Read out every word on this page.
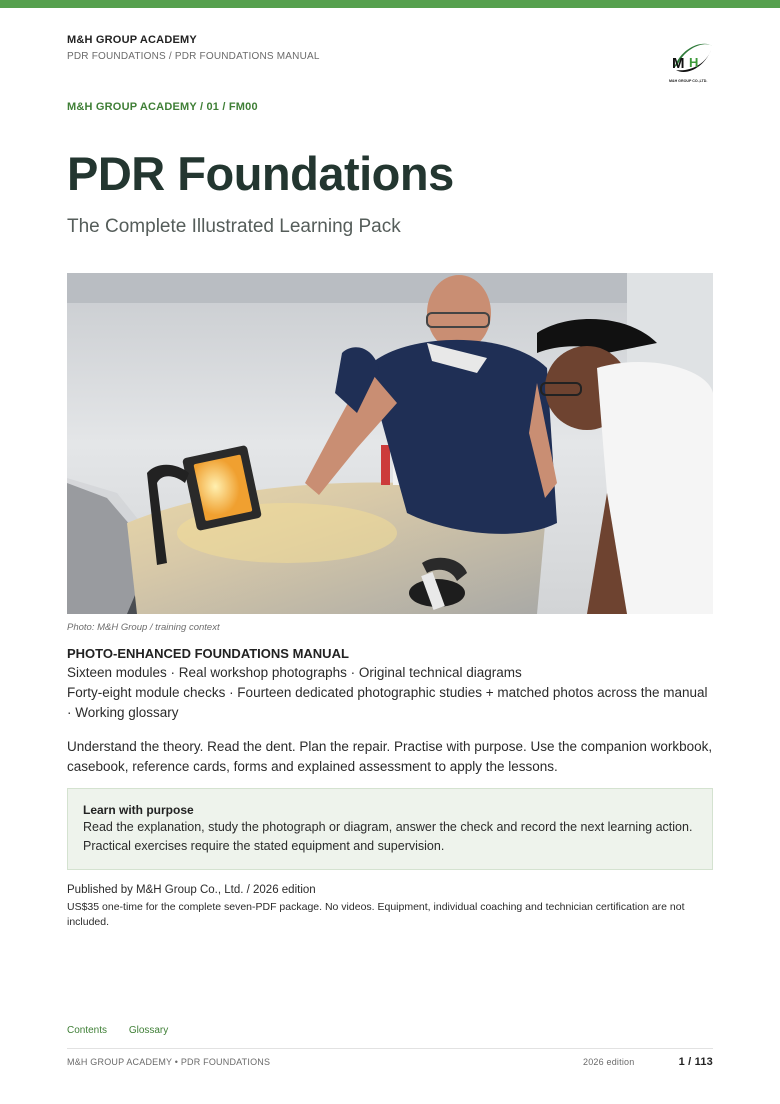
M&H GROUP ACADEMY
PDR FOUNDATIONS / PDR FOUNDATIONS MANUAL	M H
M&H GROUP CO.,LTD.
M&H GROUP ACADEMY / 01 / FM00
PDR Foundations
The Complete Illustrated Learning Pack
Photo: M&H Group / training context
PHOTO-ENHANCED FOUNDATIONS MANUAL
Sixteen modules · Real workshop photographs · Original technical diagrams
Forty-eight module checks · Fourteen dedicated photographic studies + matched photos across the manual · Working glossary

Understand the theory. Read the dent. Plan the repair. Practise with purpose. Use the companion workbook, casebook, reference cards, forms and explained assessment to apply the lessons.

Learn with purpose
Read the explanation, study the photograph or diagram, answer the check and record the next learning action. Practical exercises require the stated equipment and supervision.
Published by M&H Group Co., Ltd. / 2026 edition
US$35 one-time for the complete seven-PDF package. No videos. Equipment, individual coaching and technician certification are not included.
Contents Glossary
M&H GROUP ACADEMY • PDR FOUNDATIONS	2026 edition	1 / 113
